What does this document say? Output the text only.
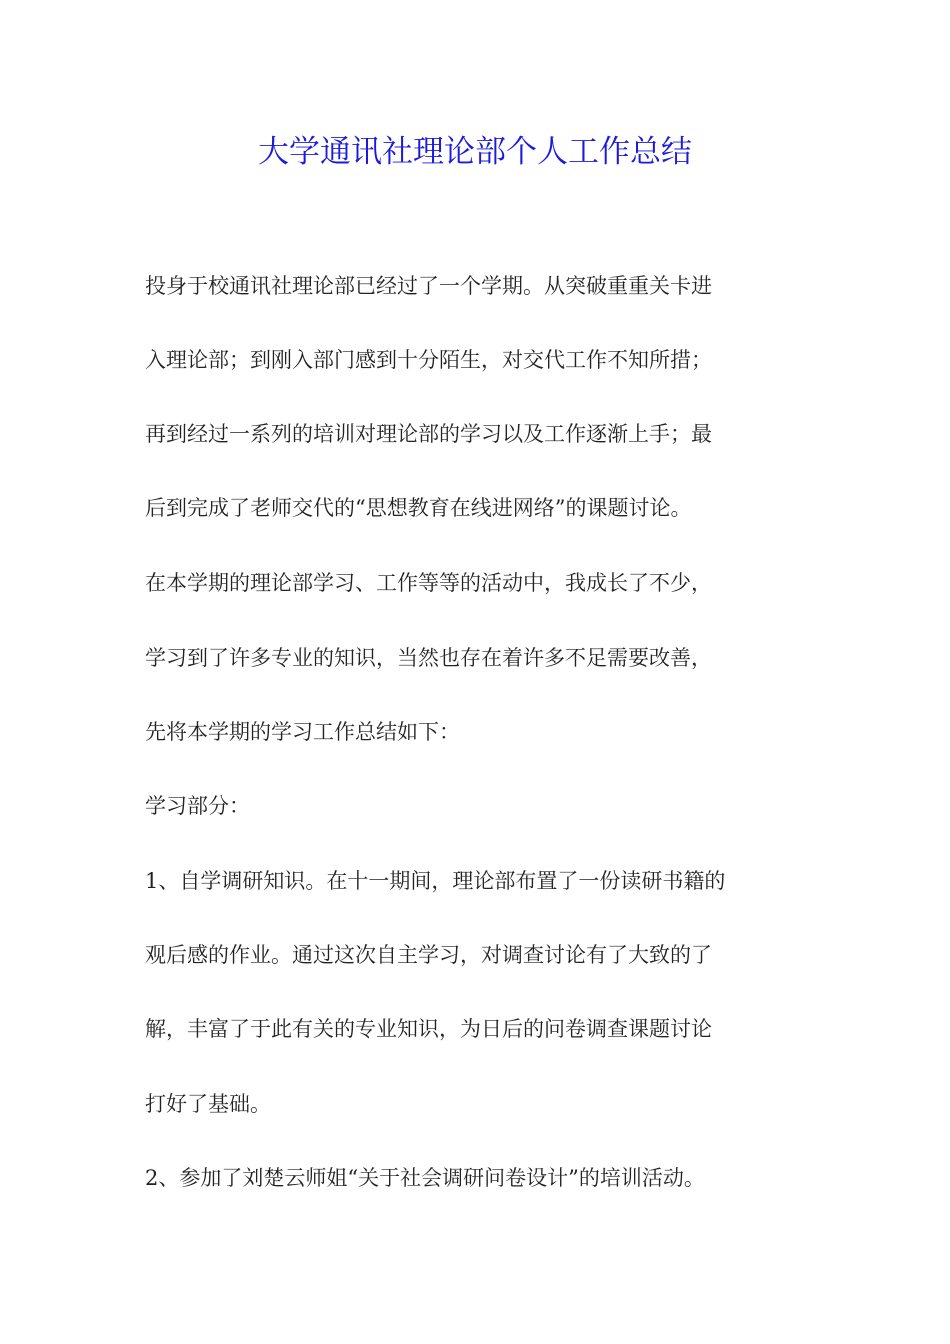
大学通讯社理论部个人工作总结
投身于校通讯社理论部已经过了一个学期。从突破重重关卡进
入理论部；到刚入部门感到十分陌生，对交代工作不知所措；
再到经过一系列的培训对理论部的学习以及工作逐渐上手；最
后到完成了老师交代的“思想教育在线进网络”的课题讨论。
在本学期的理论部学习、工作等等的活动中，我成长了不少，
学习到了许多专业的知识，当然也存在着许多不足需要改善，
先将本学期的学习工作总结如下：
学习部分：
1、自学调研知识。在十一期间，理论部布置了一份读研书籍的
观后感的作业。通过这次自主学习，对调查讨论有了大致的了
解，丰富了于此有关的专业知识，为日后的问卷调查课题讨论
打好了基础。
2、参加了刘楚云师姐“关于社会调研问卷设计”的培训活动。
